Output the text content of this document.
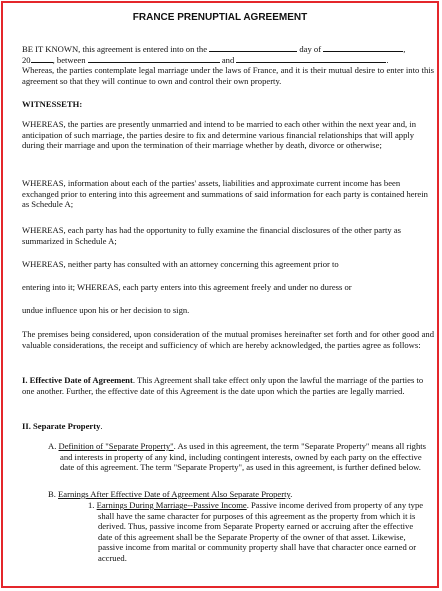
FRANCE PRENUPTIAL AGREEMENT
BE IT KNOWN, this agreement is entered into on the	day of	,
20	, between	and	.

Whereas, the parties contemplate legal marriage under the laws of France, and it is their mutual desire to enter into this agreement so that they will continue to own and control their own property.

WITNESSETH:

WHEREAS, the parties are presently unmarried and intend to be married to each other within the next year and, in anticipation of such marriage, the parties desire to fix and determine various financial relationships that will apply during their marriage and upon the termination of their marriage whether by death, divorce or otherwise;

WHEREAS, information about each of the parties' assets, liabilities and approximate current income has been exchanged prior to entering into this agreement and summations of said information for each party is contained herein as Schedule A;

WHEREAS, each party has had the opportunity to fully examine the financial disclosures of the other party as summarized in Schedule A;

WHEREAS, neither party has consulted with an attorney concerning this agreement prior to

entering into it; WHEREAS, each party enters into this agreement freely and under no duress or

undue influence upon his or her decision to sign.

The premises being considered, upon consideration of the mutual promises hereinafter set forth and for other good and valuable considerations, the receipt and sufficiency of which are hereby acknowledged, the parties agree as follows:

I. Effective Date of Agreement. This Agreement shall take effect only upon the lawful the marriage of the parties to one another. Further, the effective date of this Agreement is the date upon which the parties are legally married.

II. Separate Property.

A. Definition of "Separate Property". As used in this agreement, the term "Separate Property" means all rights and interests in property of any kind, including contingent interests, owned by each party on the effective date of this agreement. The term "Separate Property", as used in this agreement, is further defined below.

B. Earnings After Effective Date of Agreement Also Separate Property.

1. Earnings During Marriage--Passive Income. Passive income derived from property of any type shall have the same character for purposes of this agreement as the property from which it is derived. Thus, passive income from Separate Property earned or accruing after the effective date of this agreement shall be the Separate Property of the owner of that asset. Likewise, passive income from marital or community property shall have that character once earned or accrued.
